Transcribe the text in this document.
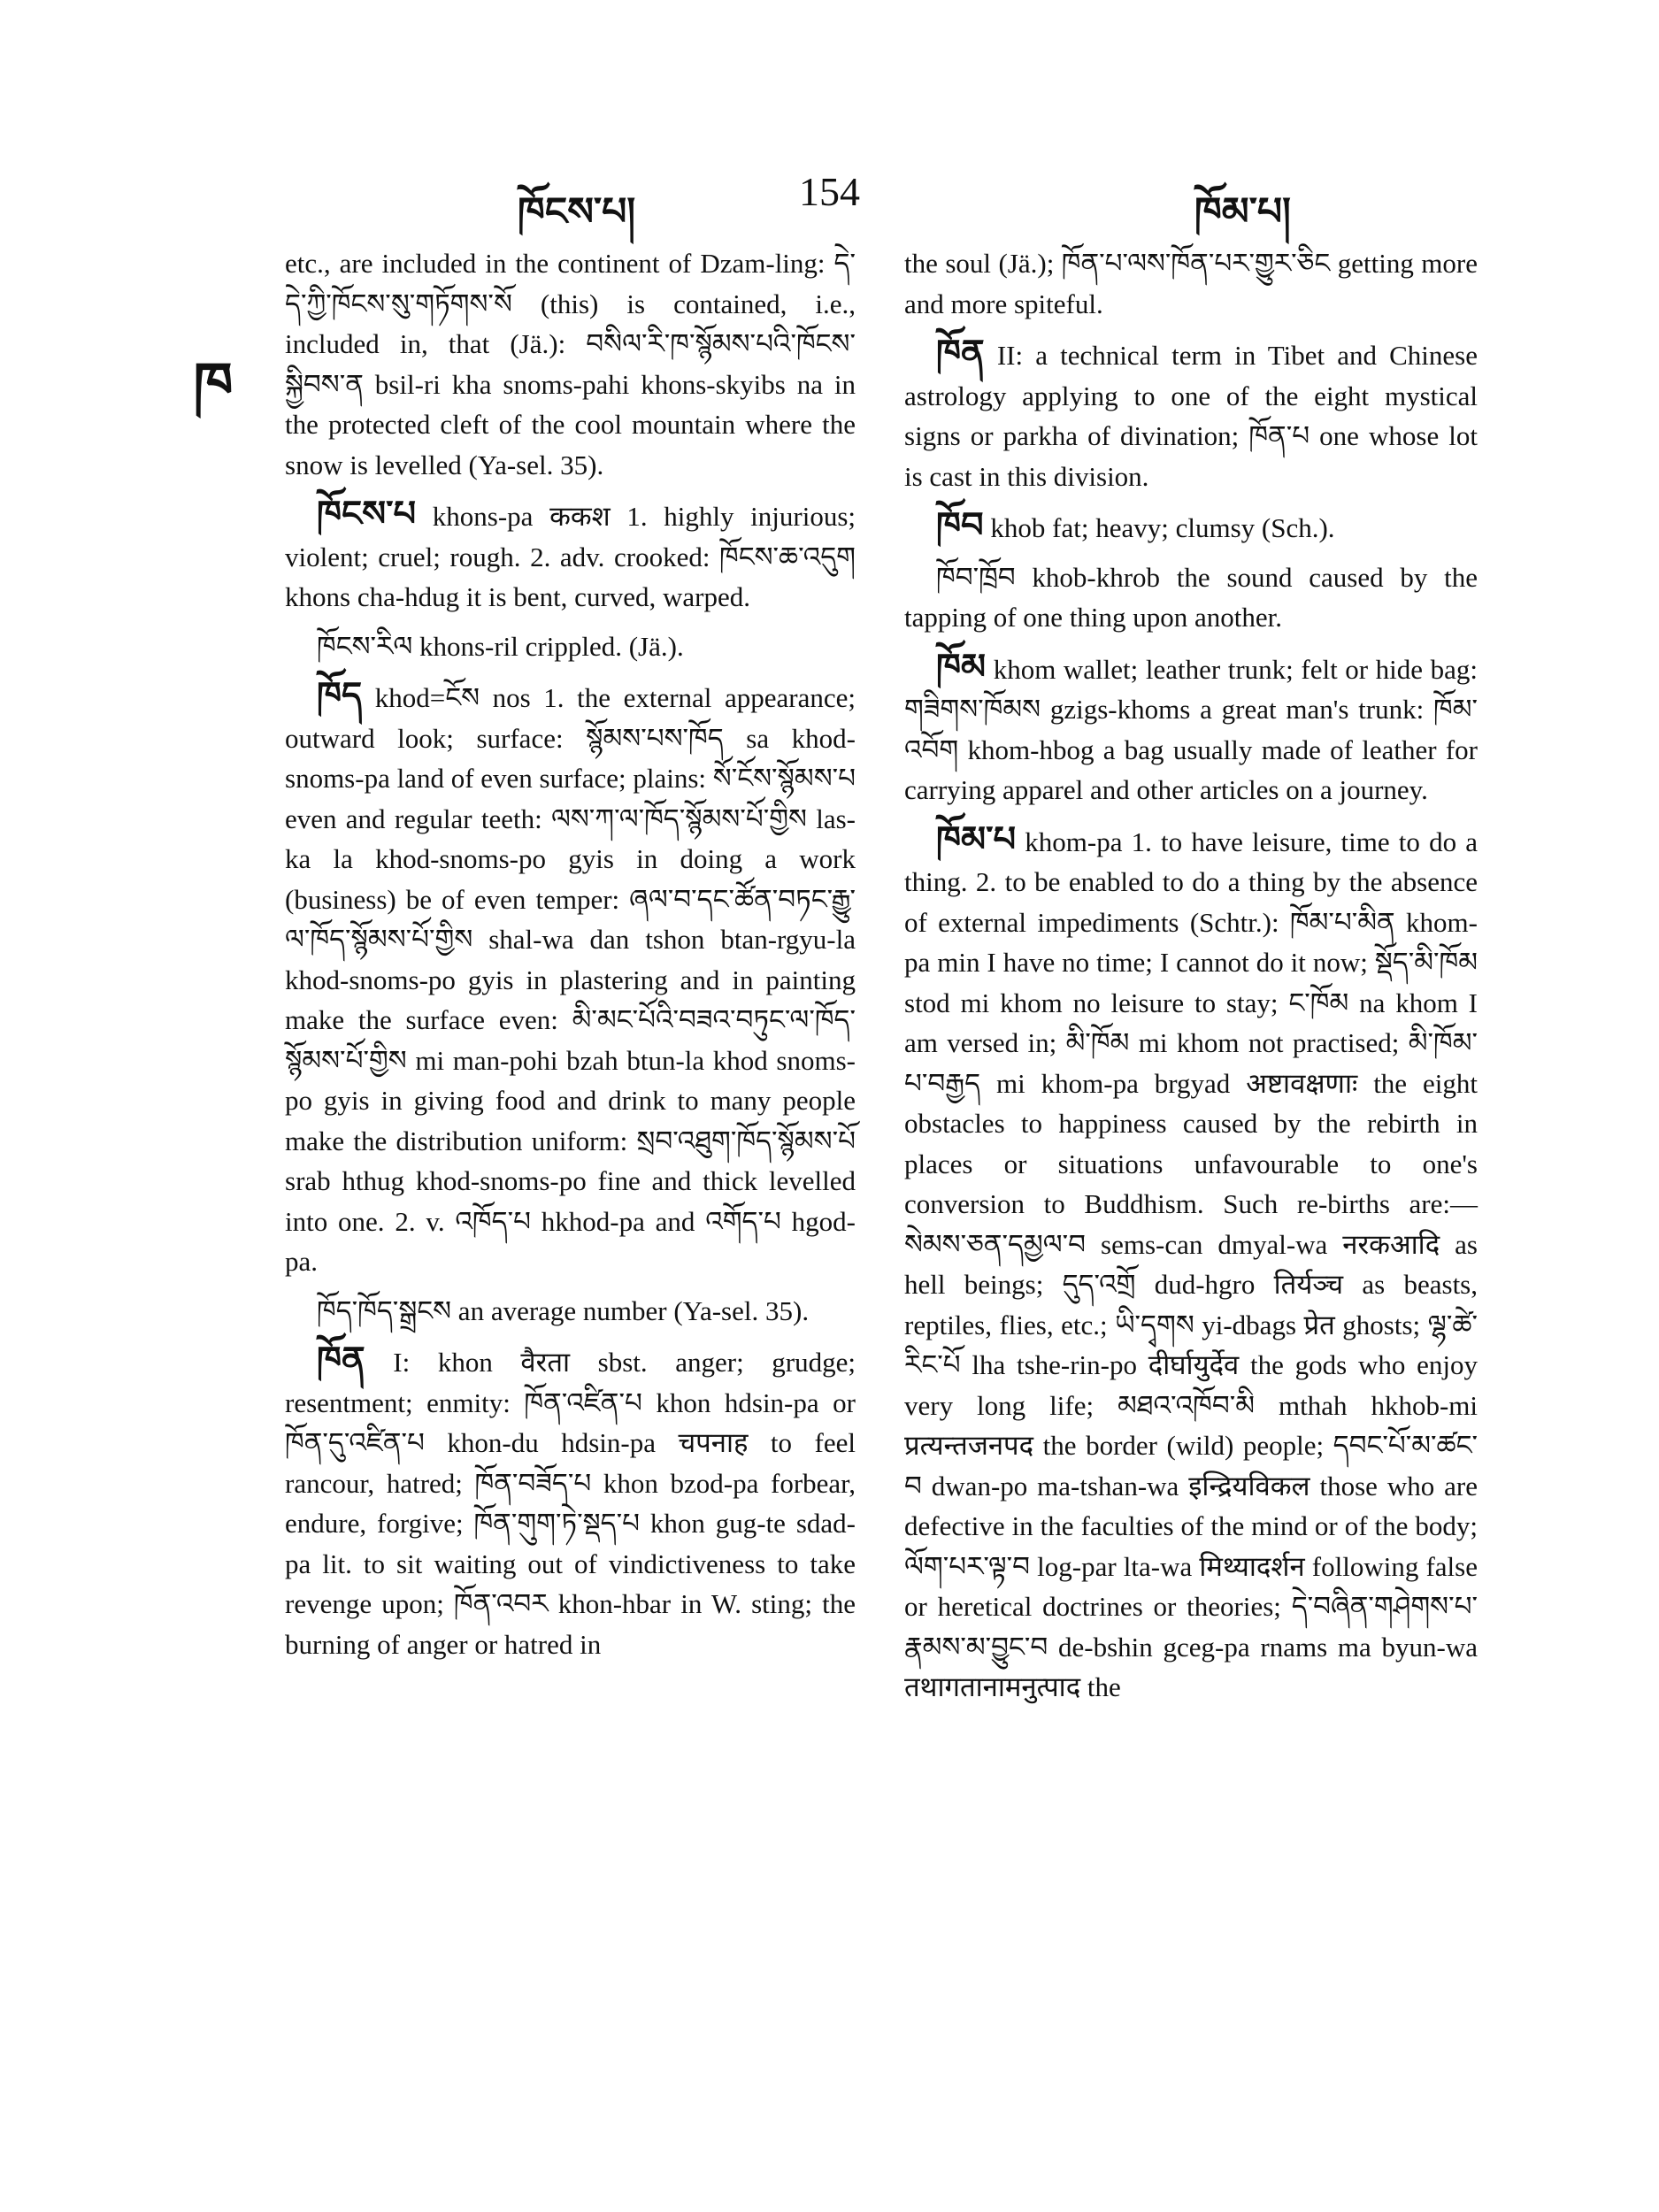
ཁོངས་པ།	154	ཁོམ་པ།
ཁ

etc., are included in the continent of Dzam-ling: དེ་དེ་ཀྱི་ཁོངས་སུ་གཏོགས་སོ (this) is contained, i.e., included in, that (Jä.): བསིལ་རི་ཁ་སྙོམས་པའི་ཁོངས་སྐྱིབས་ན bsil-ri kha snoms-pahi khons-skyibs na in the protected cleft of the cool mountain where the snow is levelled (Ya-sel. 35).

ཁོངས་པ khons-pa ककश 1. highly injurious; violent; cruel; rough. 2. adv. crooked: ཁོངས་ཆ་འདུག khons cha-hdug it is bent, curved, warped.

ཁོངས་རིལ khons-ril crippled. (Jä.).

ཁོད khod=ངོས nos 1. the external appearance; outward look; surface: སྙོམས་པས་ཁོད sa khod-snoms-pa land of even surface; plains: སོ་ངོས་སྙོམས་པ even and regular teeth: ལས་ཀ་ལ་ཁོད་སྙོམས་པོ་གྱིས las-ka la khod-snoms-po gyis in doing a work (business) be of even temper: ཞལ་བ་དང་ཚོན་བཏང་རྒྱུ་ལ་ཁོད་སྙོམས་པོ་གྱིས shal-wa dan tshon btan-rgyu-la khod-snoms-po gyis in plastering and in painting make the surface even: མི་མང་པོའི་བཟའ་བཏུང་ལ་ཁོད་སྙོམས་པོ་གྱིས mi man-pohi bzah btun-la khod snoms-po gyis in giving food and drink to many people make the distribution uniform: སྲབ་འཐུག་ཁོད་སྙོམས་པོ srab hthug khod-snoms-po fine and thick levelled into one. 2. v. འཁོད་པ hkhod-pa and འགོད་པ hgod-pa.

ཁོད་ཁོད་སྒྲངས an average number (Ya-sel. 35).

ཁོན I: khon वैरता sbst. anger; grudge; resentment; enmity: ཁོན་འཛིན་པ khon hdsin-pa or ཁོན་དུ་འཛིན་པ khon-du hdsin-pa चपनाह to feel rancour, hatred; ཁོན་བཟོད་པ khon bzod-pa forbear, endure, forgive; ཁོན་གུག་ཏེ་སྡད་པ khon gug-te sdad-pa lit. to sit waiting out of vindictiveness to take revenge upon; ཁོན་འབར khon-hbar in W. sting; the burning of anger or hatred in

the soul (Jä.); ཁོན་པ་ལས་ཁོན་པར་གྱུར་ཅིང getting more and more spiteful.

ཁོན II: a technical term in Tibet and Chinese astrology applying to one of the eight mystical signs or parkha of divination; ཁོན་པ one whose lot is cast in this division.

ཁོབ khob fat; heavy; clumsy (Sch.).

ཁོབ་ཁྲོབ khob-khrob the sound caused by the tapping of one thing upon another.

ཁོམ khom wallet; leather trunk; felt or hide bag: གཟིགས་ཁོམས gzigs-khoms a great man's trunk: ཁོམ་འབོག khom-hbog a bag usually made of leather for carrying apparel and other articles on a journey.

ཁོམ་པ khom-pa 1. to have leisure, time to do a thing. 2. to be enabled to do a thing by the absence of external impediments (Schtr.): ཁོམ་པ་མིན khom-pa min I have no time; I cannot do it now; སྡོད་མི་ཁོམ stod mi khom no leisure to stay; ང་ཁོམ na khom I am versed in; མི་ཁོམ mi khom not practised; མི་ཁོམ་པ་བརྒྱད mi khom-pa brgyad अष्टावक्षणाः the eight obstacles to happiness caused by the rebirth in places or situations unfavourable to one's conversion to Buddhism. Such re-births are:—སེམས་ཅན་དམྱལ་བ sems-can dmyal-wa नरकआदि as hell beings; དུད་འགྲོ dud-hgro तिर्यञ्च as beasts, reptiles, flies, etc.; ཡི་དྭགས yi-dbags प्रेत ghosts; ལྷ་ཚེ་རིང་པོ lha tshe-rin-po दीर्घायुर्देव the gods who enjoy very long life; མཐའ་འཁོབ་མི mthah hkhob-mi प्रत्यन्तजनपद the border (wild) people; དབང་པོ་མ་ཚང་བ dwan-po ma-tshan-wa इन्द्रियविकल those who are defective in the faculties of the mind or of the body; ལོག་པར་ལྟ་བ log-par lta-wa मिथ्यादर्शन following false or heretical doctrines or theories; དེ་བཞིན་གཤེགས་པ་རྣམས་མ་བྱུང་བ de-bshin gceg-pa rnams ma byun-wa तथागतानामनुत्पाद the
